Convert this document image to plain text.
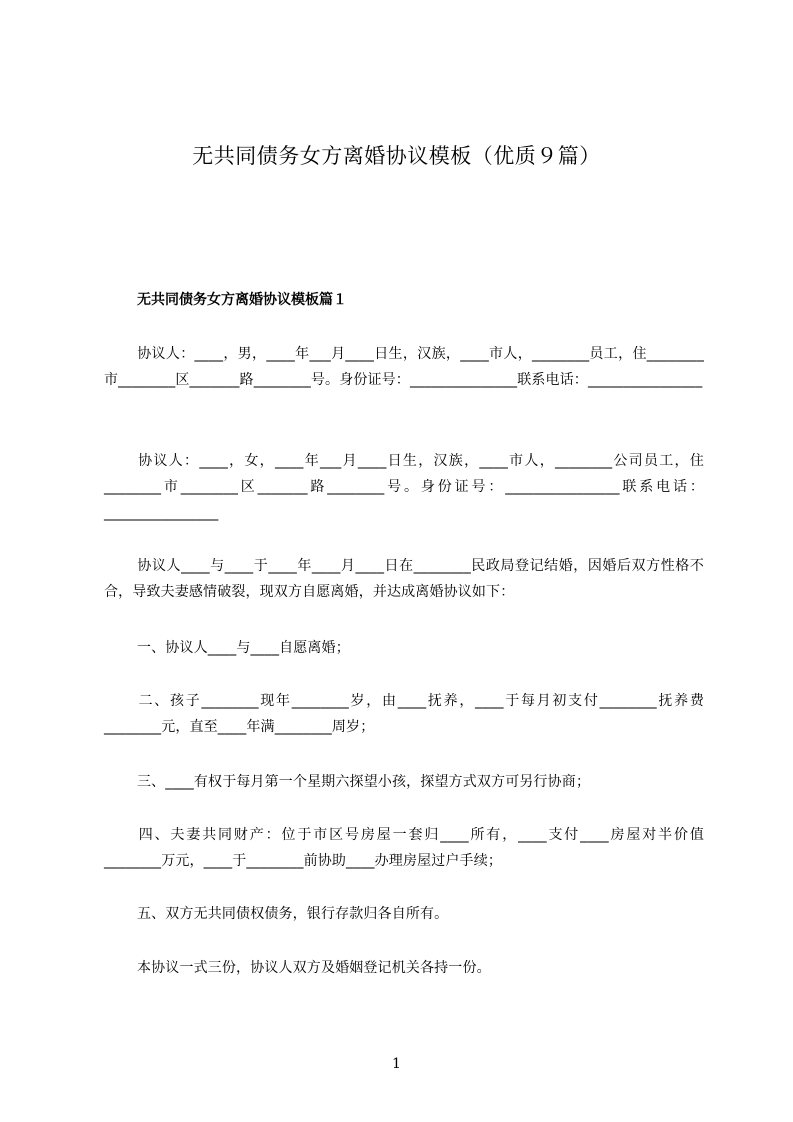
无共同债务女方离婚协议模板（优质９篇）
无共同债务女方离婚协议模板篇１
协议人：____，男，____年___月____日生，汉族，____市人，________员工，住________市________区_______路________号。身份证号：_______________联系电话：________________
协议人：____，女，____年___月____日生，汉族，____市人，________公司员工，住________市________区_______路________号。身份证号：________________联系电话：________________
协议人____与____于____年____月____日在________民政局登记结婚，因婚后双方性格不合，导致夫妻感情破裂，现双方自愿离婚，并达成离婚协议如下：
一、协议人____与____自愿离婚；
二、孩子________现年________岁，由____抚养，____于每月初支付________抚养费________元，直至____年满________周岁；
三、____有权于每月第一个星期六探望小孩，探望方式双方可另行协商；
四、夫妻共同财产：位于市区号房屋一套归____所有，____支付____房屋对半价值________万元，____于________前协助____办理房屋过户手续；
五、双方无共同债权债务，银行存款归各自所有。
本协议一式三份，协议人双方及婚姻登记机关各持一份。
1
